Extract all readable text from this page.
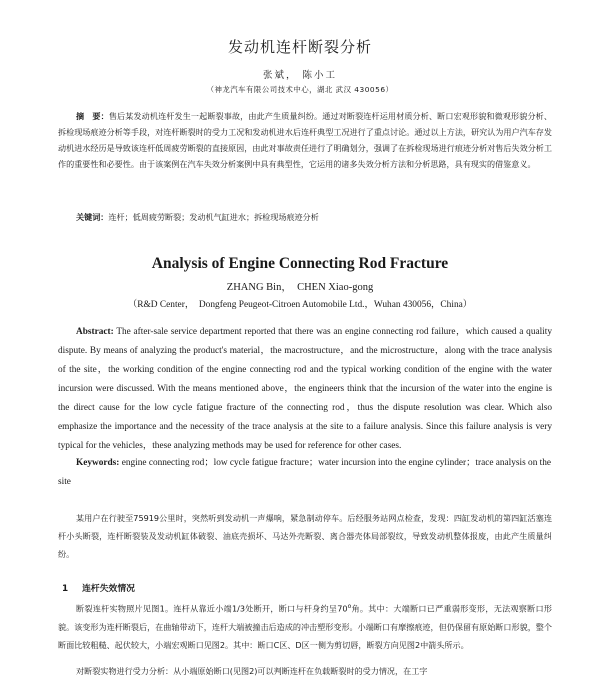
发动机连杆断裂分析
张斌， 陈小工
（神龙汽车有限公司技术中心，湖北 武汉 430056）

摘　要：售后某发动机连杆发生一起断裂事故，由此产生质量纠纷。通过对断裂连杆运用材质分析、断口宏观形貌和微观形貌分析、拆检现场痕迹分析等手段，对连杆断裂时的受力工况和发动机进水后连杆典型工况进行了重点讨论。通过以上方法，研究认为用户汽车存发动机进水经历是导致该连杆低周疲劳断裂的直接原因，由此对事故责任进行了明确划分，强调了在拆检现场进行痕迹分析对售后失效分析工作的重要性和必要性。由于该案例在汽车失效分析案例中具有典型性，它运用的诸多失效分析方法和分析思路，具有现实的借鉴意义。

关键词：连杆；低周疲劳断裂；发动机气缸进水；拆检现场痕迹分析

Analysis of Engine Connecting Rod Fracture
ZHANG Bin，　CHEN Xiao-gong
（R&D Center，　Dongfeng Peugeot-Citroen Automobile Ltd.，Wuhan 430056，China）

Abstract: The after-sale service department reported that there was an engine connecting rod failure，which caused a quality dispute. By means of analyzing the product's material，the macrostructure，and the microstructure，along with the trace analysis of the site，the working condition of the engine connecting rod and the typical working condition of the engine with the water incursion were discussed. With the means mentioned above，the engineers think that the incursion of the water into the engine is the direct cause for the low cycle fatigue fracture of the connecting rod，thus the dispute resolution was clear. Which also emphasize the importance and the necessity of the trace analysis at the site to a failure analysis. Since this failure analysis is very typical for the vehicles，these analyzing methods may be used for reference for other cases.

Keywords: engine connecting rod；low cycle fatigue fracture；water incursion into the engine cylinder；trace analysis on the site

某用户在行驶至75919公里时，突然听到发动机一声爆响，紧急制动停车。后经服务站网点检查，发现：四缸发动机的第四缸活塞连杆小头断裂，连杆断裂装及发动机缸体破裂、油底壳损坏、马达外壳断裂、离合器壳体局部裂纹，导致发动机整体报废，由此产生质量纠纷。

1 连杆失效情况

断裂连杆实物照片见图1。连杆从靠近小端1/3处断开，断口与杆身约呈70$^o$角。其中：大端断口已严重弱形变形，无法观察断口形貌。该变形为连杆断裂后，在曲轴带动下，连杆大端被撞击后造成的冲击塑形变形。小端断口有摩擦痕迹，但仍保留有原始断口形貌，整个断面比较粗糙、起伏较大，小端宏观断口见图2。其中：断口C区、D区一侧为剪切唇，断裂方向见图2中箭头所示。

对断裂实物进行受力分析：从小端原始断口(见图2)可以判断连杆在负载断裂时的受力情况，在工字
